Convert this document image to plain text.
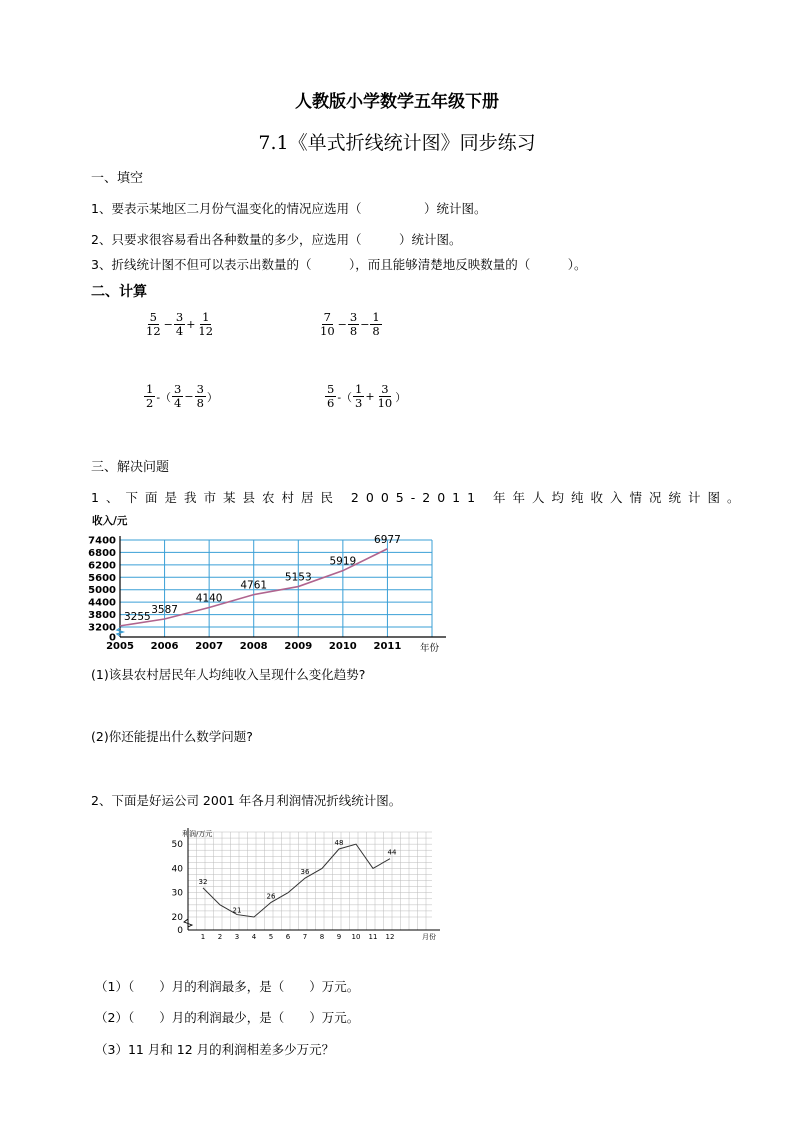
人教版小学数学五年级下册
7.1《单式折线统计图》同步练习
一、填空
1、要表示某地区二月份气温变化的情况应选用（　　　　　）统计图。
2、只要求很容易看出各种数量的多少，应选用（　　　）统计图。
3、折线统计图不但可以表示出数量的（　　　），而且能够清楚地反映数量的（　　　）。
二、计算
$\frac{5}{12} - \frac{3}{4} + \frac{1}{12}$	$\frac{7}{10} - \frac{3}{8} - \frac{1}{8}$
$\frac{1}{2}$ -（ $\frac{3}{4} - \frac{3}{8}$ ）	$\frac{5}{6}$ -（ $\frac{1}{3} + \frac{3}{10}$ ）
三、解决问题
1、下面是我市某县农村居民 2005-2011 年年人均纯收入情况统计图。
收入/元
7400
6800
6200
5600
5000
4400
3800
3200
0
2005 2006 2007 2008 2009 2010 2011
3255
3587
4140
4761
5153
5919
6977
年份
(1)该县农村居民年人均纯收入呈现什么变化趋势?
(2)你还能提出什么数学问题?
2、下面是好运公司 2001 年各月利润情况折线统计图。
利润/万元
50
40
30
20
0
1 2 3 4 5 6 7 8 9 10 11 12
32
21
26
36
48
44
月份
（1）（　　）月的利润最多，是（　　）万元。
（2）（　　）月的利润最少，是（　　）万元。
（3）11 月和 12 月的利润相差多少万元？
